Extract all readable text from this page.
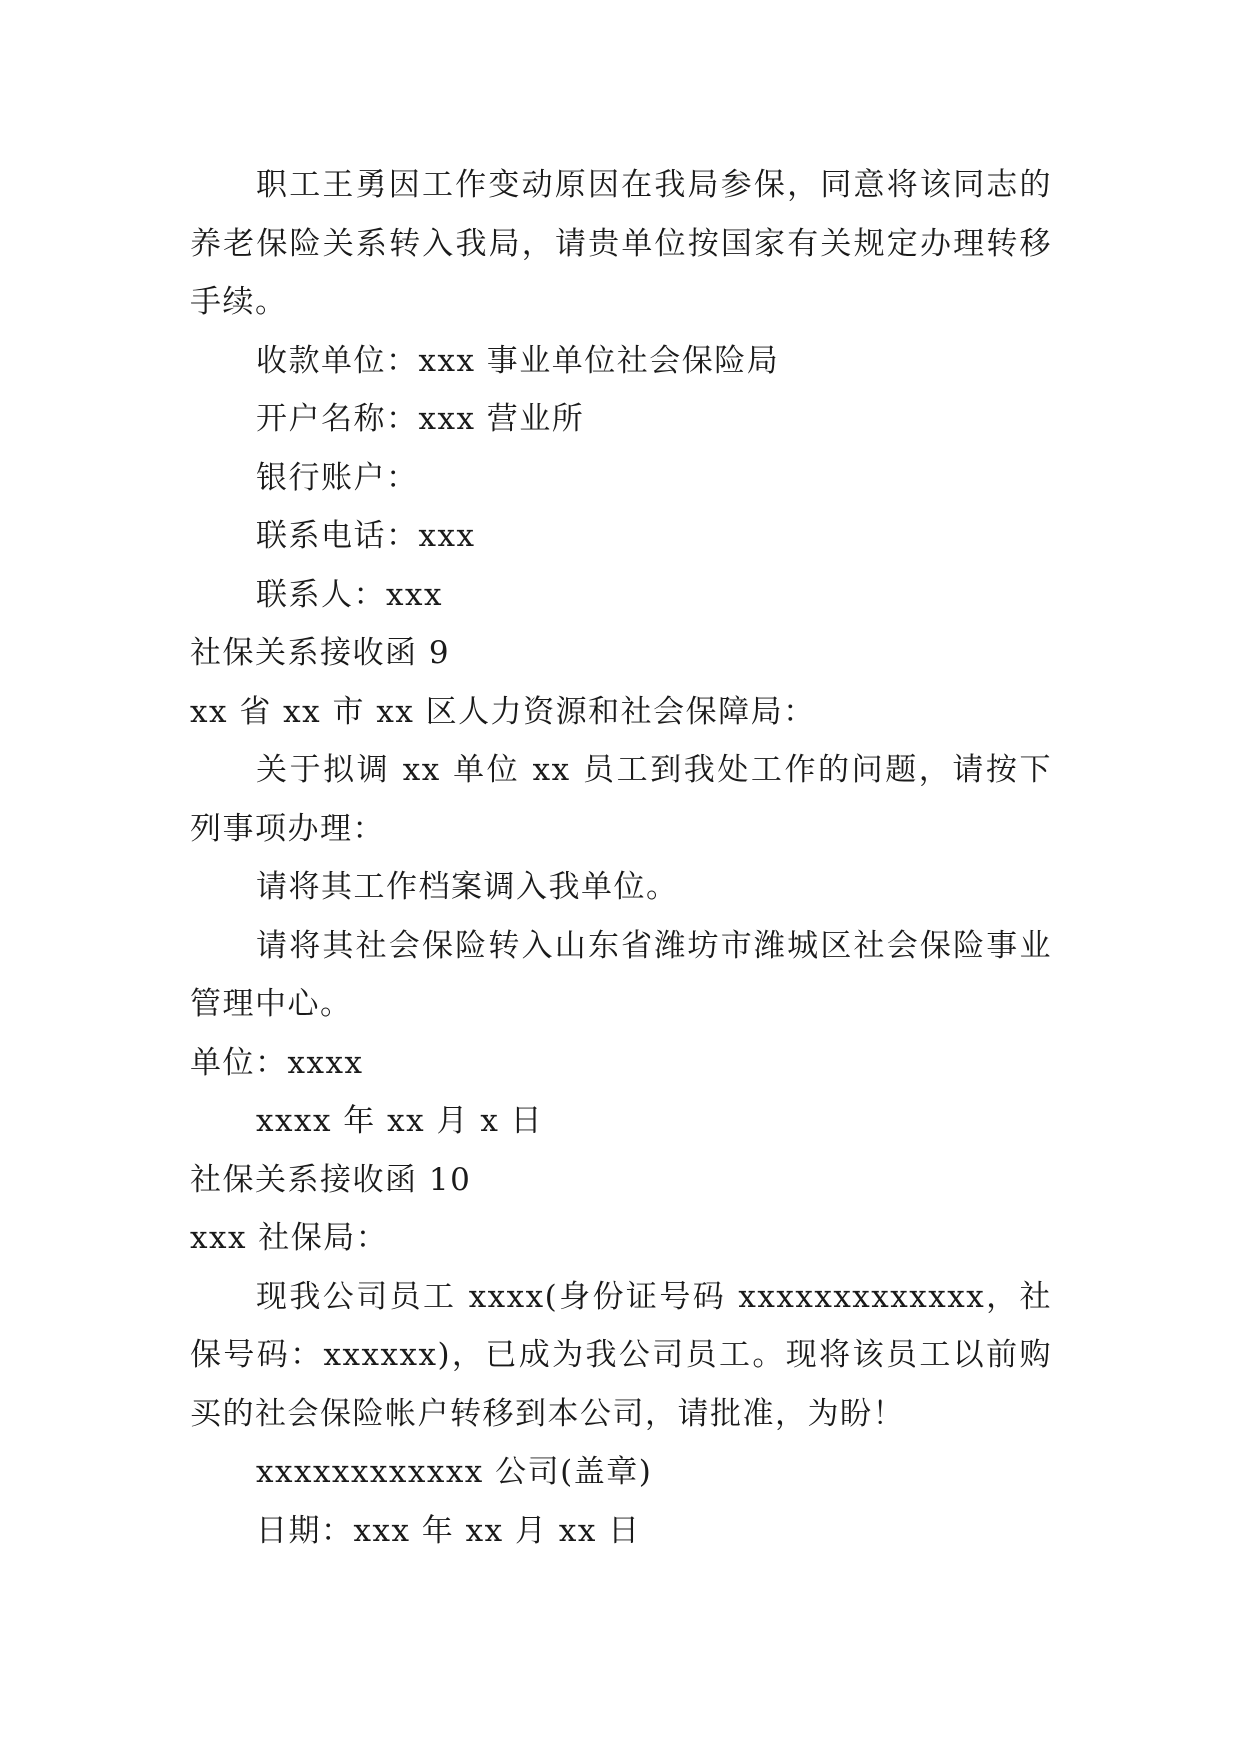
职工王勇因工作变动原因在我局参保，同意将该同志的养老保险关系转入我局，请贵单位按国家有关规定办理转移手续。
收款单位：xxx 事业单位社会保险局
开户名称：xxx 营业所
银行账户：
联系电话：xxx
联系人：xxx
社保关系接收函 9
xx 省 xx 市 xx 区人力资源和社会保障局：
关于拟调 xx 单位 xx 员工到我处工作的问题，请按下列事项办理：
请将其工作档案调入我单位。
请将其社会保险转入山东省潍坊市潍城区社会保险事业管理中心。
单位：xxxx
xxxx 年 xx 月 x 日
社保关系接收函 10
xxx 社保局：
现我公司员工 xxxx(身份证号码 xxxxxxxxxxxxx，社保号码：xxxxxx)，已成为我公司员工。现将该员工以前购买的社会保险帐户转移到本公司，请批准，为盼！
xxxxxxxxxxxx 公司(盖章)
日期：xxx 年 xx 月 xx 日
